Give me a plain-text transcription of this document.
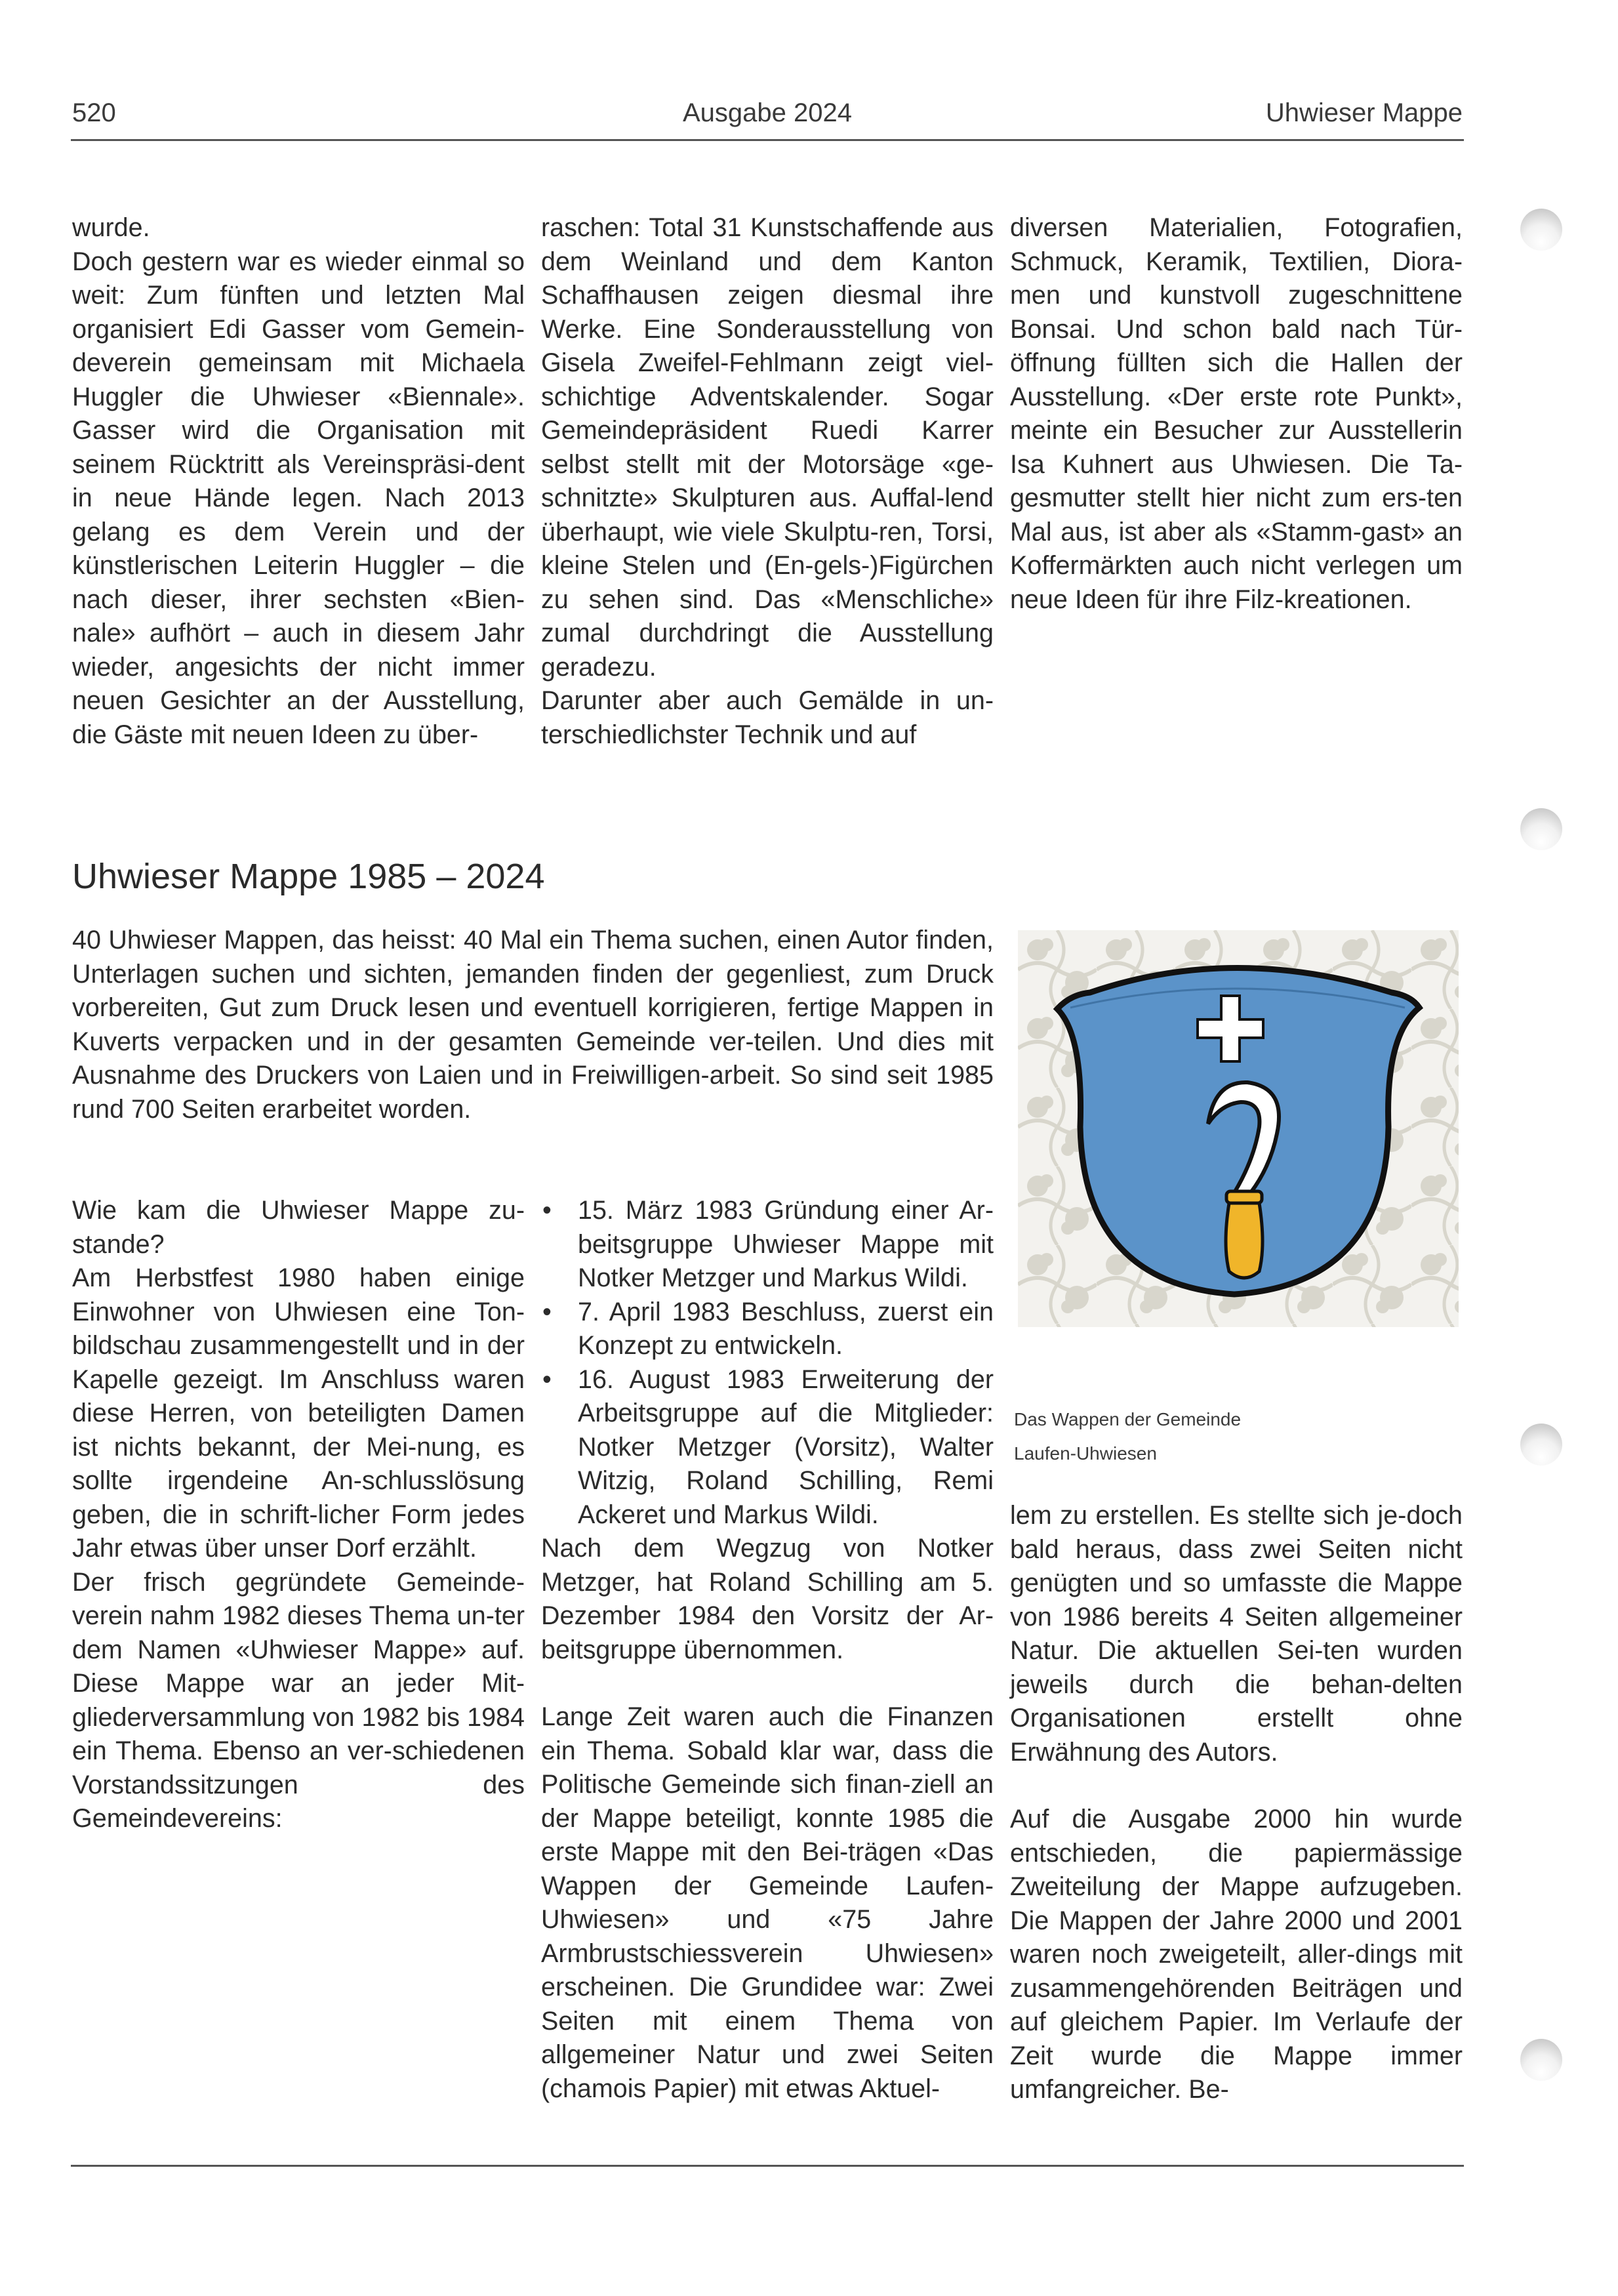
520	Ausgabe 2024	Uhwieser Mappe

wurde.

Doch gestern war es wieder einmal so weit: Zum fünften und letzten Mal organisiert Edi Gasser vom Gemein-deverein gemeinsam mit Michaela Huggler die Uhwieser «Biennale». Gasser wird die Organisation mit seinem Rücktritt als Vereinspräsi-dent in neue Hände legen. Nach 2013 gelang es dem Verein und der künstlerischen Leiterin Huggler – die nach dieser, ihrer sechsten «Bien-nale» aufhört – auch in diesem Jahr wieder, angesichts der nicht immer neuen Gesichter an der Ausstellung, die Gäste mit neuen Ideen zu über-

raschen: Total 31 Kunstschaffende aus dem Weinland und dem Kanton Schaffhausen zeigen diesmal ihre Werke. Eine Sonderausstellung von Gisela Zweifel-Fehlmann zeigt viel-schichtige Adventskalender. Sogar Gemeindepräsident Ruedi Karrer selbst stellt mit der Motorsäge «ge-schnitzte» Skulpturen aus. Auffal-lend überhaupt, wie viele Skulptu-ren, Torsi, kleine Stelen und (En-gels-)Figürchen zu sehen sind. Das «Menschliche» zumal durchdringt die Ausstellung geradezu.

Darunter aber auch Gemälde in un-terschiedlichster Technik und auf

diversen Materialien, Fotografien, Schmuck, Keramik, Textilien, Diora-men und kunstvoll zugeschnittene Bonsai. Und schon bald nach Tür-öffnung füllten sich die Hallen der Ausstellung. «Der erste rote Punkt», meinte ein Besucher zur Ausstellerin Isa Kuhnert aus Uhwiesen. Die Ta-gesmutter stellt hier nicht zum ers-ten Mal aus, ist aber als «Stamm-gast» an Koffermärkten auch nicht verlegen um neue Ideen für ihre Filz-kreationen.

Uhwieser Mappe 1985 – 2024
40 Uhwieser Mappen, das heisst: 40 Mal ein Thema suchen, einen Autor finden, Unterlagen suchen und sichten, jemanden finden der gegenliest, zum Druck vorbereiten, Gut zum Druck lesen und eventuell korrigieren, fertige Mappen in Kuverts verpacken und in der gesamten Gemeinde ver-teilen. Und dies mit Ausnahme des Druckers von Laien und in Freiwilligen-arbeit. So sind seit 1985 rund 700 Seiten erarbeitet worden.
Das Wappen der Gemeinde
Laufen-Uhwiesen

Wie kam die Uhwieser Mappe zu-stande?

Am Herbstfest 1980 haben einige Einwohner von Uhwiesen eine Ton-bildschau zusammengestellt und in der Kapelle gezeigt. Im Anschluss waren diese Herren, von beteiligten Damen ist nichts bekannt, der Mei-nung, es sollte irgendeine An-schlusslösung geben, die in schrift-licher Form jedes Jahr etwas über unser Dorf erzählt.

Der frisch gegründete Gemeinde-verein nahm 1982 dieses Thema un-ter dem Namen «Uhwieser Mappe» auf. Diese Mappe war an jeder Mit-gliederversammlung von 1982 bis 1984 ein Thema. Ebenso an ver-schiedenen Vorstandssitzungen des Gemeindevereins:

• 15. März 1983 Gründung einer Ar-beitsgruppe Uhwieser Mappe mit Notker Metzger und Markus Wildi.
• 7. April 1983 Beschluss, zuerst ein Konzept zu entwickeln.
• 16. August 1983 Erweiterung der Arbeitsgruppe auf die Mitglieder: Notker Metzger (Vorsitz), Walter Witzig, Roland Schilling, Remi Ackeret und Markus Wildi.

Nach dem Wegzug von Notker Metzger, hat Roland Schilling am 5. Dezember 1984 den Vorsitz der Ar-beitsgruppe übernommen.

Lange Zeit waren auch die Finanzen ein Thema. Sobald klar war, dass die Politische Gemeinde sich finan-ziell an der Mappe beteiligt, konnte 1985 die erste Mappe mit den Bei-trägen «Das Wappen der Gemeinde Laufen-Uhwiesen» und «75 Jahre Armbrustschiessverein Uhwiesen» erscheinen. Die Grundidee war: Zwei Seiten mit einem Thema von allgemeiner Natur und zwei Seiten (chamois Papier) mit etwas Aktuel-

lem zu erstellen. Es stellte sich je-doch bald heraus, dass zwei Seiten nicht genügten und so umfasste die Mappe von 1986 bereits 4 Seiten allgemeiner Natur. Die aktuellen Sei-ten wurden jeweils durch die behan-delten Organisationen erstellt ohne Erwähnung des Autors.

Auf die Ausgabe 2000 hin wurde entschieden, die papiermässige Zweiteilung der Mappe aufzugeben. Die Mappen der Jahre 2000 und 2001 waren noch zweigeteilt, aller-dings mit zusammengehörenden Beiträgen und auf gleichem Papier. Im Verlaufe der Zeit wurde die Mappe immer umfangreicher. Be-
